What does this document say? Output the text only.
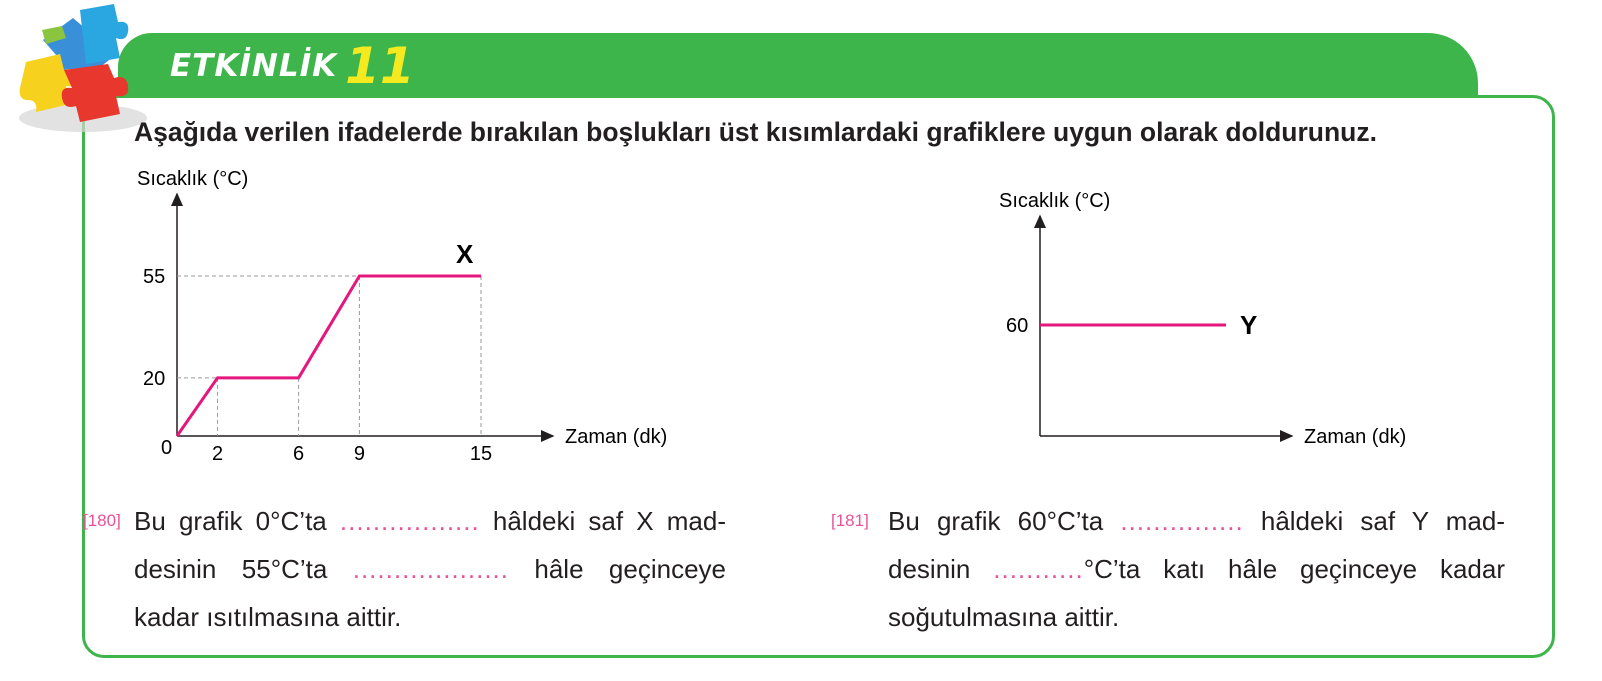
ETKİNLİK 11
Aşağıda verilen ifadelerde bırakılan boşlukları üst kısımlardaki grafiklere uygun olarak doldurunuz.
Sıcaklık (°C)
Zaman (dk)
0
20
55
2	6 9	15
X
Sıcaklık (°C)
Zaman (dk)
60	Y
[180] Bu grafik 0°C’ta ................. hâldeki saf X mad-
desinin 55°C’ta ................... hâle geçinceye
kadar ısıtılmasına aittir.
[181] Bu grafik 60°C’ta ............... hâldeki saf Y mad-
desinin ...........°C’ta katı hâle geçinceye kadar
soğutulmasına aittir.
